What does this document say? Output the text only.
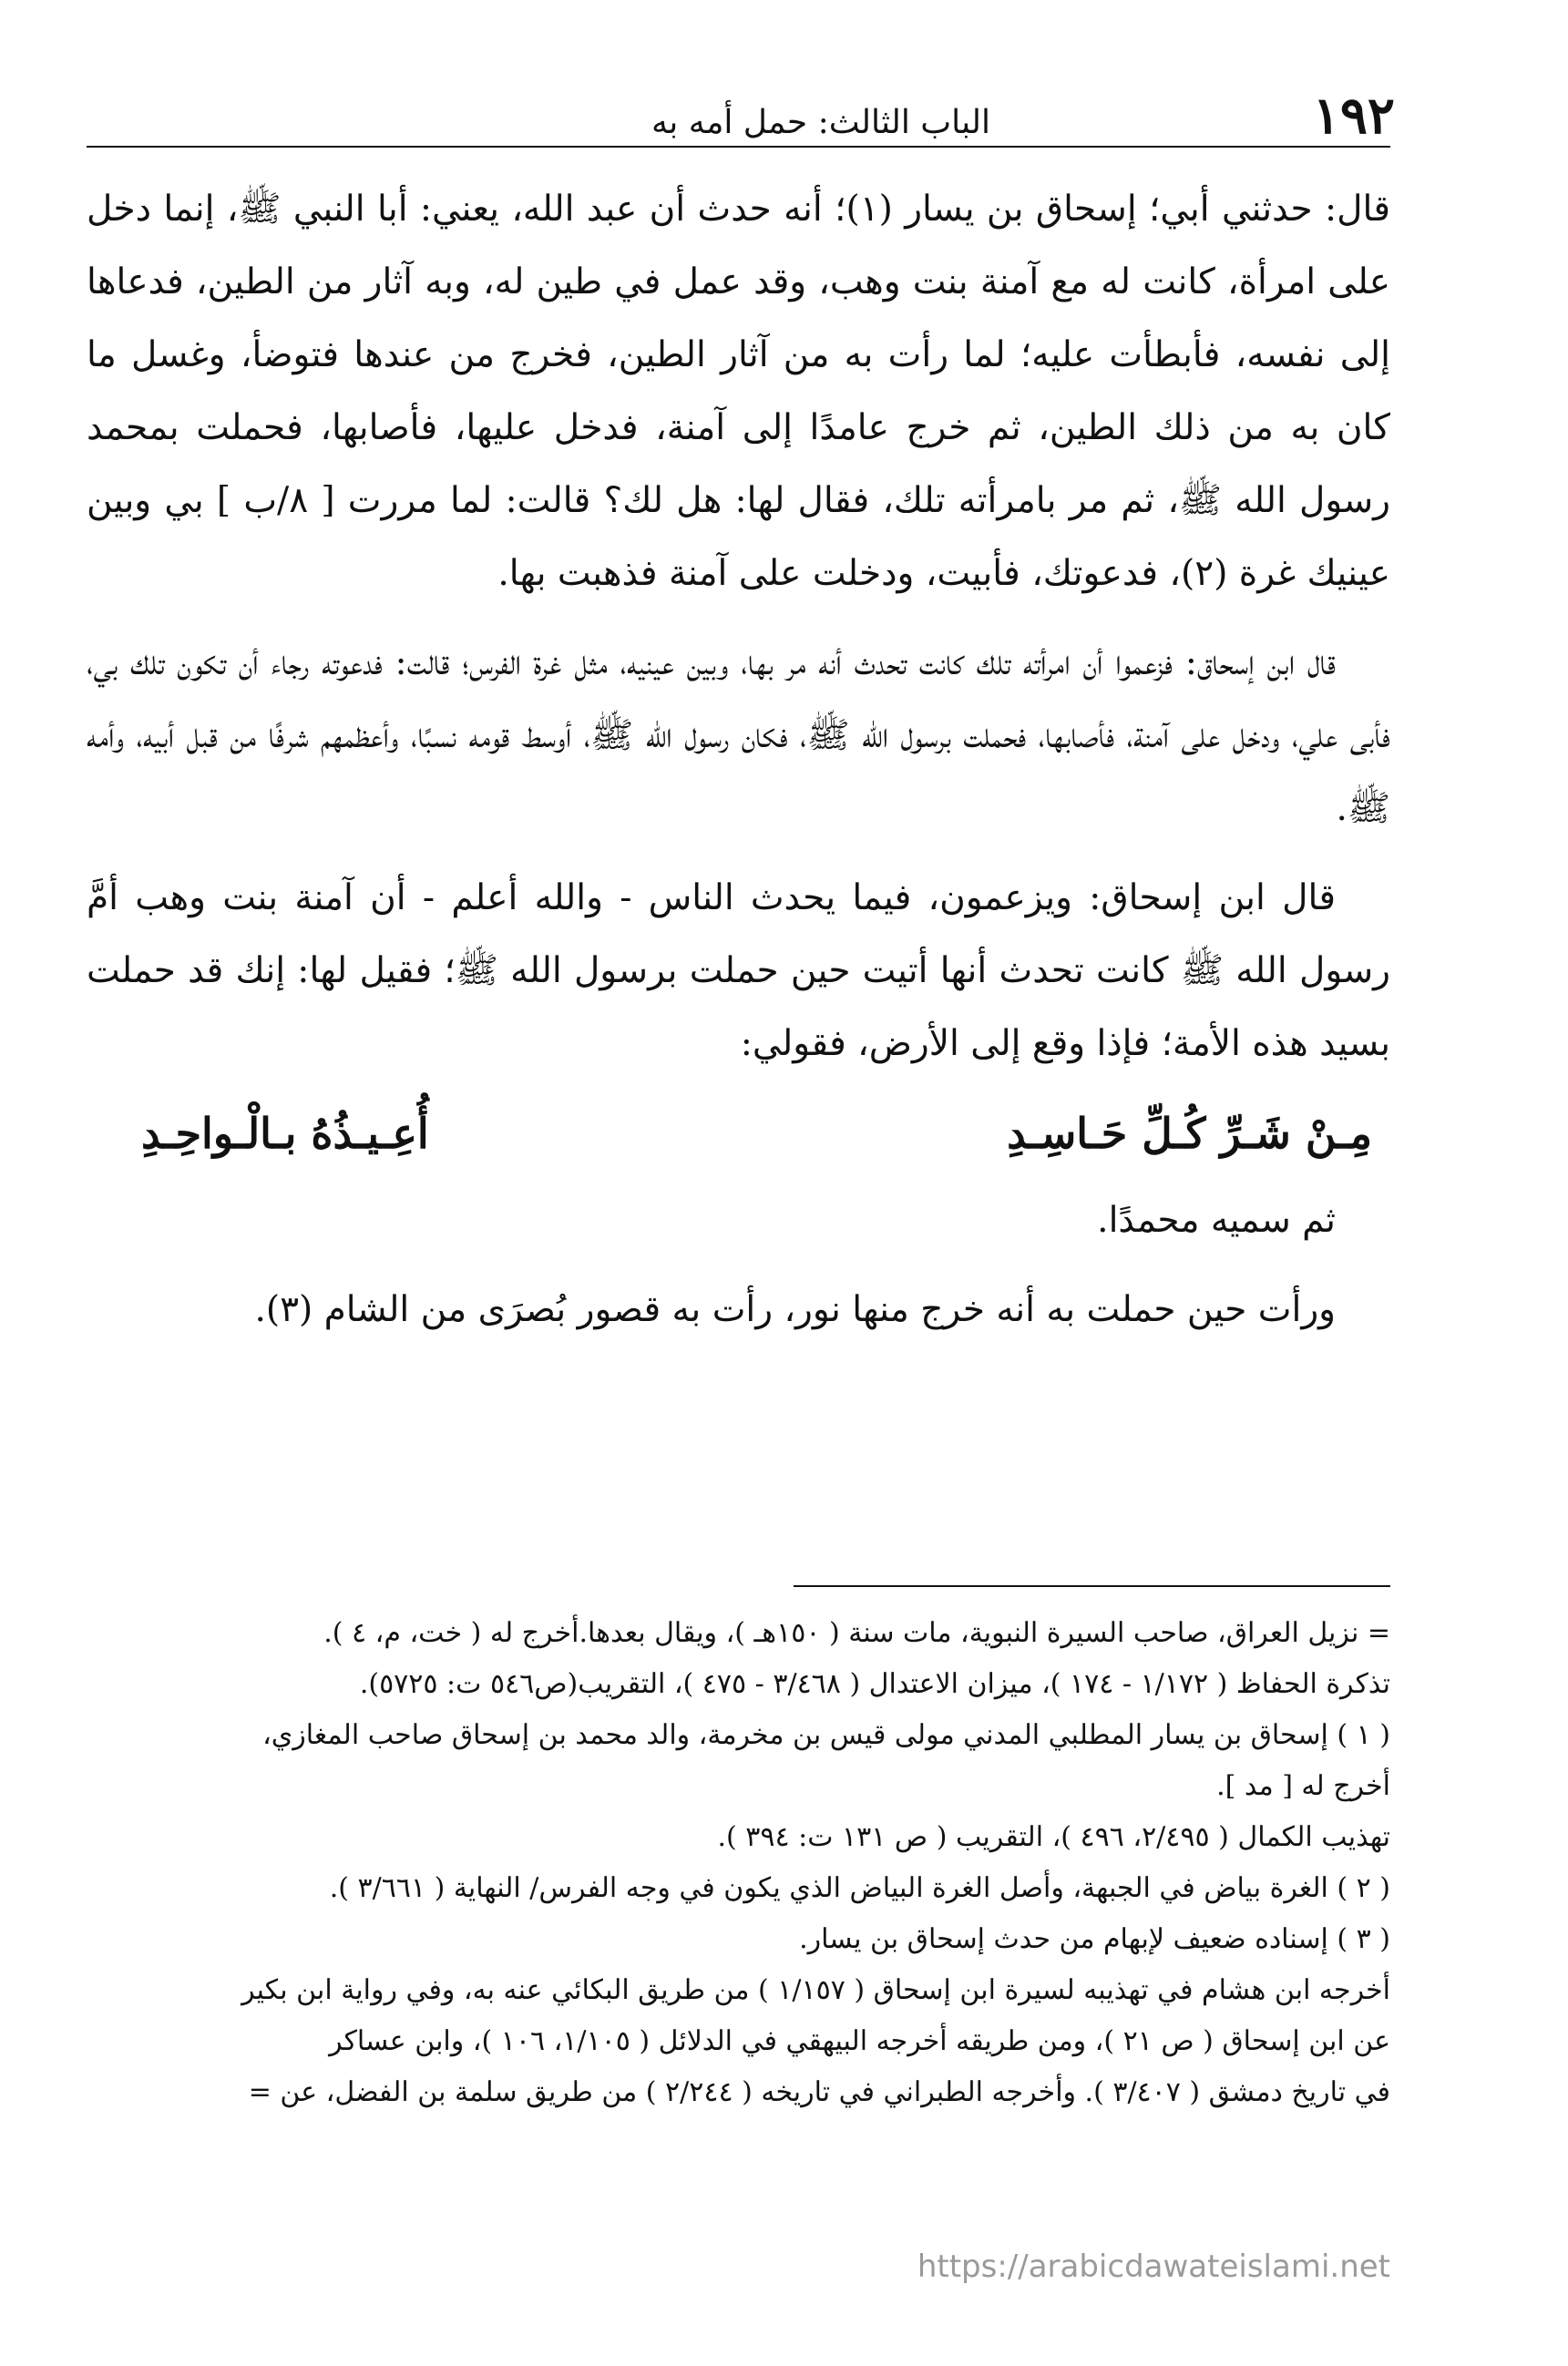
١٩٢
الباب الثالث: حمل أمه به

قال: حدثني أبي؛ إسحاق بن يسار (١)؛ أنه حدث أن عبد الله، يعني: أبا النبي ﷺ، إنما دخل على امرأة، كانت له مع آمنة بنت وهب، وقد عمل في طين له، وبه آثار من الطين، فدعاها إلى نفسه، فأبطأت عليه؛ لما رأت به من آثار الطين، فخرج من عندها فتوضأ، وغسل ما كان به من ذلك الطين، ثم خرج عامدًا إلى آمنة، فدخل عليها، فأصابها، فحملت بمحمد رسول الله ﷺ، ثم مر بامرأته تلك، فقال لها: هل لك؟ قالت: لما مررت [ ٨/ب ] بي وبين عينيك غرة (٢)، فدعوتك، فأبيت، ودخلت على آمنة فذهبت بها.

قال ابن إسحاق: فزعموا أن امرأته تلك كانت تحدث أنه مر بها، وبين عينيه، مثل غرة الفرس؛ قالت: فدعوته رجاء أن تكون تلك بي، فأبى علي، ودخل على آمنة، فأصابها، فحملت برسول الله ﷺ، فكان رسول الله ﷺ، أوسط قومه نسبًا، وأعظمهم شرفًا من قبل أبيه، وأمه ﷺ.

قال ابن إسحاق: ويزعمون، فيما يحدث الناس - والله أعلم - أن آمنة بنت وهب أمَّ رسول الله ﷺ كانت تحدث أنها أتيت حين حملت برسول الله ﷺ؛ فقيل لها: إنك قد حملت بسيد هذه الأمة؛ فإذا وقع إلى الأرض، فقولي:

أُعِـيـذُهُ بـالْـواحِـدِ	مِـنْ شَـرِّ كُـلِّ حَـاسِـدِ

ثم سميه محمدًا.

ورأت حين حملت به أنه خرج منها نور، رأت به قصور بُصرَى من الشام (٣).

= نزيل العراق، صاحب السيرة النبوية، مات سنة ( ١٥٠هـ )، ويقال بعدها.أخرج له ( خت، م، ٤ ).

تذكرة الحفاظ ( ١/١٧٢ - ١٧٤ )، ميزان الاعتدال ( ٣/٤٦٨ - ٤٧٥ )، التقريب(ص٥٤٦ ت: ٥٧٢٥).

( ١ ) إسحاق بن يسار المطلبي المدني مولى قيس بن مخرمة، والد محمد بن إسحاق صاحب المغازي،

أخرج له [ مد ].

تهذيب الكمال ( ٢/٤٩٥، ٤٩٦ )، التقريب ( ص ١٣١ ت: ٣٩٤ ).

( ٢ ) الغرة بياض في الجبهة، وأصل الغرة البياض الذي يكون في وجه الفرس/ النهاية ( ٣/٦٦١ ).

( ٣ ) إسناده ضعيف لإبهام من حدث إسحاق بن يسار.

أخرجه ابن هشام في تهذيبه لسيرة ابن إسحاق ( ١/١٥٧ ) من طريق البكائي عنه به، وفي رواية ابن بكير

عن ابن إسحاق ( ص ٢١ )، ومن طريقه أخرجه البيهقي في الدلائل ( ١/١٠٥، ١٠٦ )، وابن عساكر

في تاريخ دمشق ( ٣/٤٠٧ ). وأخرجه الطبراني في تاريخه ( ٢/٢٤٤ ) من طريق سلمة بن الفضل، عن =

https://arabicdawateislami.net
